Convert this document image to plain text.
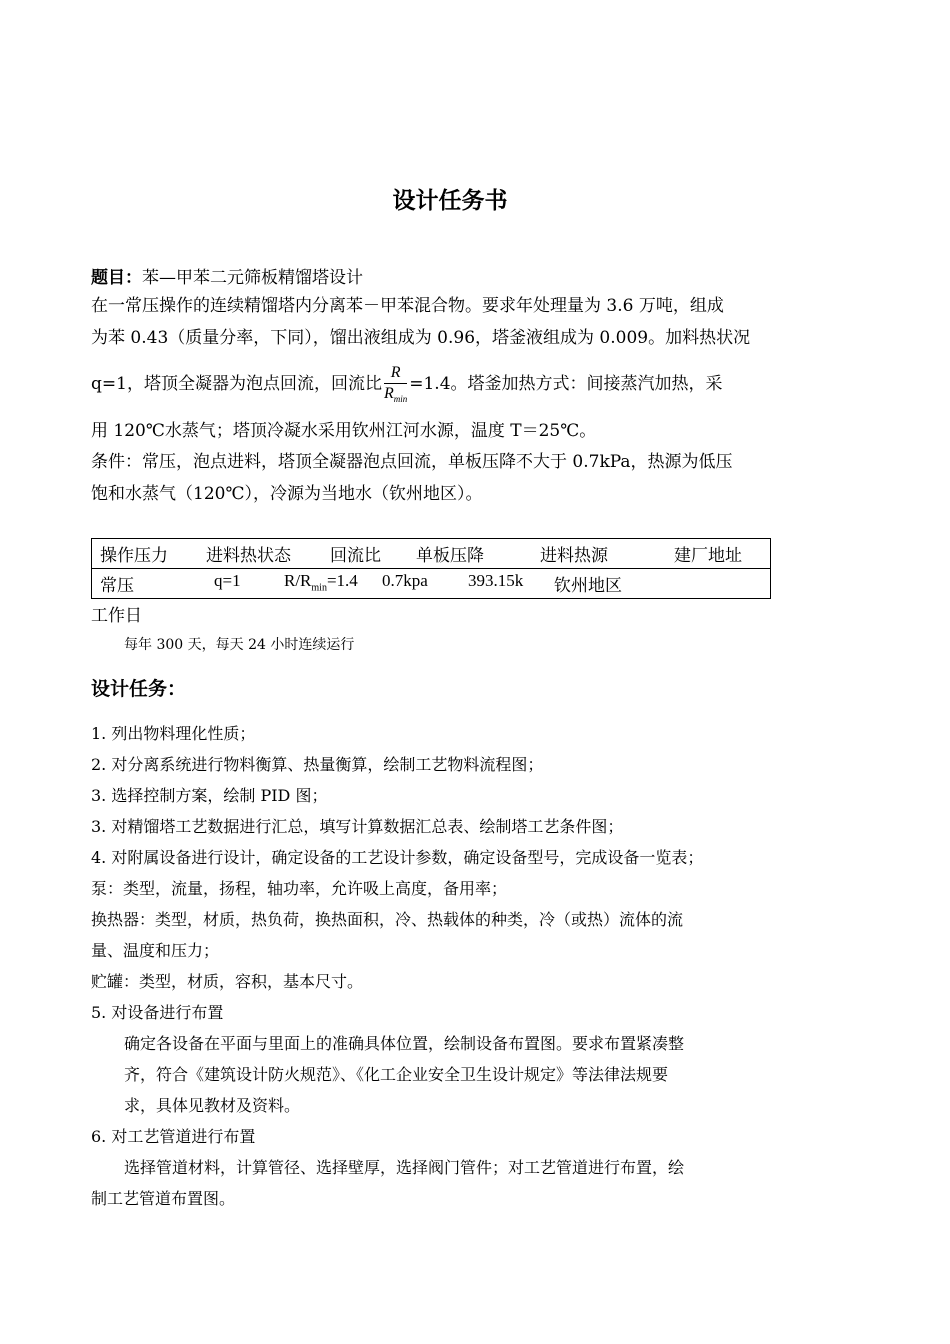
设计任务书
题目：苯—甲苯二元筛板精馏塔设计
在一常压操作的连续精馏塔内分离苯－甲苯混合物。要求年处理量为 3.6 万吨，组成
为苯 0.43（质量分率，下同），馏出液组成为 0.96，塔釜液组成为 0.009。加料热状况
q=1，塔顶全凝器为泡点回流，回流比 $\frac{R}{R_{min}} =1.4$。塔釜加热方式：间接蒸汽加热，采
用 120℃水蒸气；塔顶冷凝水采用钦州江河水源，温度 T＝25℃。
条件：常压，泡点进料，塔顶全凝器泡点回流，单板压降不大于 0.7kPa，热源为低压
饱和水蒸气（120℃），冷源为当地水（钦州地区）。
操作压力	进料热状态	回流比	单板压降	进料热源	建厂地址

常压	q=1	$R/R_{min}=1.4$	0.7kpa	393.15k	钦州地区
工作日
每年 300 天，每天 24 小时连续运行
设计任务：
1. 列出物料理化性质；
2. 对分离系统进行物料衡算、热量衡算，绘制工艺物料流程图；
3. 选择控制方案，绘制 PID 图；
3. 对精馏塔工艺数据进行汇总，填写计算数据汇总表、绘制塔工艺条件图；
4. 对附属设备进行设计，确定设备的工艺设计参数，确定设备型号，完成设备一览表；
泵：类型，流量，扬程，轴功率，允许吸上高度，备用率；
换热器：类型，材质，热负荷，换热面积，冷、热载体的种类，冷（或热）流体的流
量、温度和压力；
贮罐：类型，材质，容积，基本尺寸。
5. 对设备进行布置
确定各设备在平面与里面上的准确具体位置，绘制设备布置图。要求布置紧凑整
齐，符合《建筑设计防火规范》、《化工企业安全卫生设计规定》等法律法规要
求，具体见教材及资料。
6. 对工艺管道进行布置
选择管道材料，计算管径、选择壁厚，选择阀门管件；对工艺管道进行布置，绘
制工艺管道布置图。
